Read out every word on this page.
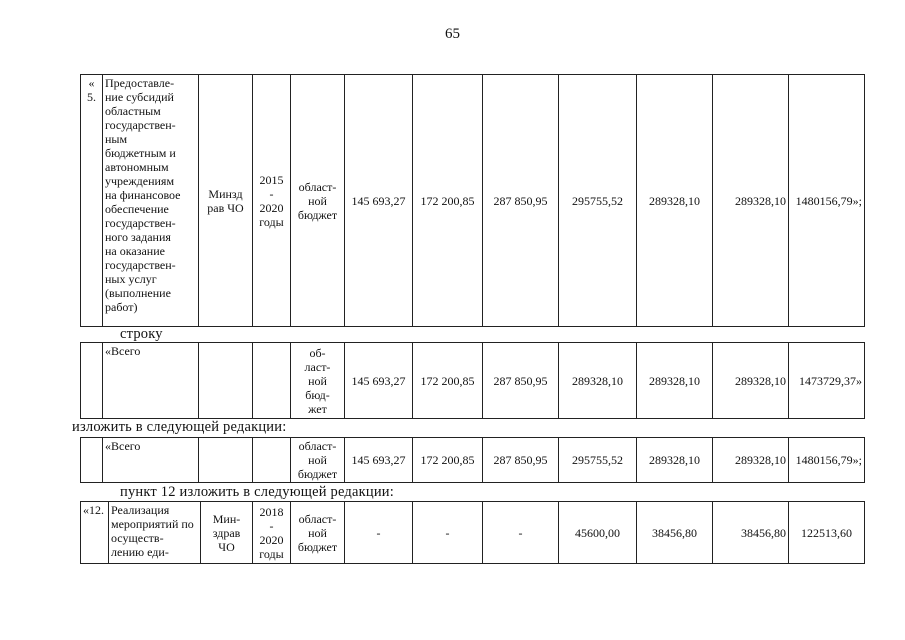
65
«
5.	Предоставле-
ние субсидий
областным
государствен-
ным
бюджетным и
автономным
учреждениям
на финансовое
обеспечение
государствен-
ного задания
на оказание
государствен-
ных услуг
(выполнение
работ)	Минзд
рав ЧО	2015
-
2020
годы	област-
ной
бюджет	145 693,27	172 200,85	287 850,95	295755,52	289328,10	289328,10	1480156,79»;
строку
	«Всего			об-
ласт-
ной
бюд-
жет	145 693,27	172 200,85	287 850,95	289328,10	289328,10	289328,10	1473729,37»
изложить в следующей редакции:
	«Всего			област-
ной
бюджет	145 693,27	172 200,85	287 850,95	295755,52	289328,10	289328,10	1480156,79»;
пункт 12 изложить в следующей редакции:
«12.	Реализация
мероприятий по
осуществ-
лению еди-	Мин-
здрав
ЧО	2018
-
2020
годы	област-
ной
бюджет	-	-	-	45600,00	38456,80	38456,80	122513,60
